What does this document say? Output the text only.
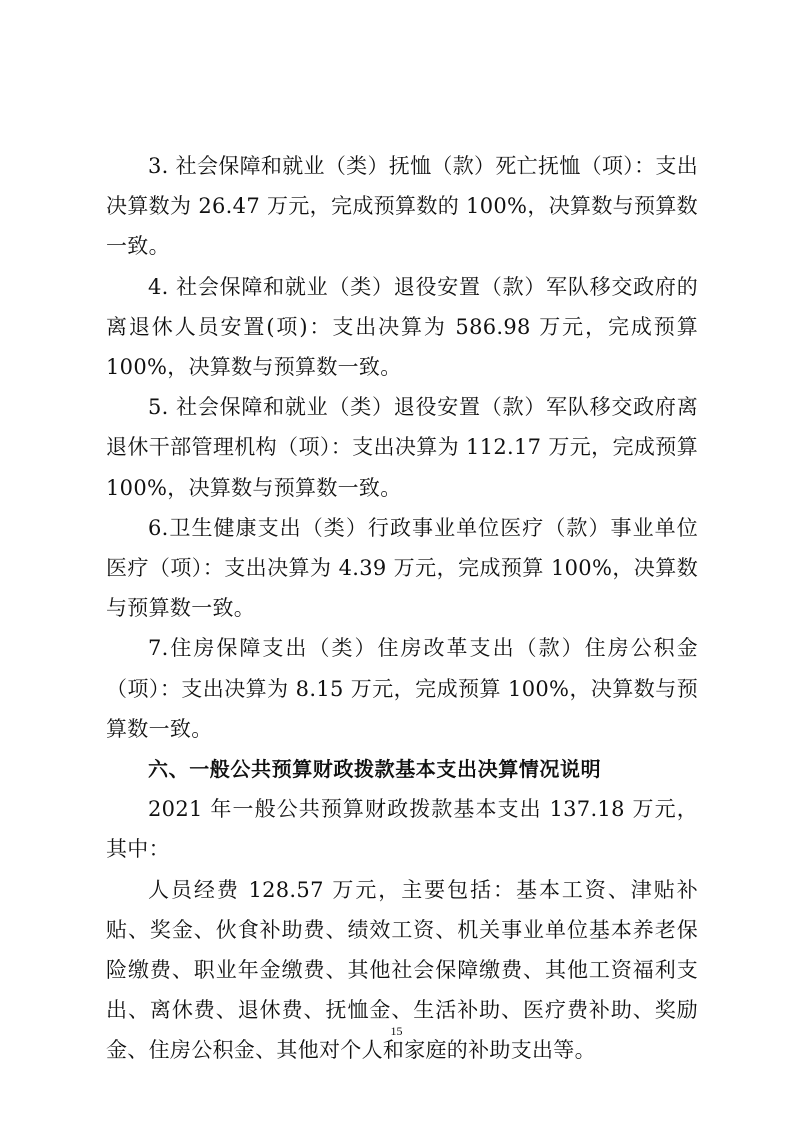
3. 社会保障和就业（类）抚恤（款）死亡抚恤（项）：支出决算数为 26.47 万元，完成预算数的 100%，决算数与预算数一致。

4. 社会保障和就业（类）退役安置（款）军队移交政府的离退休人员安置(项)：支出决算为 586.98 万元，完成预算 100%，决算数与预算数一致。

5. 社会保障和就业（类）退役安置（款）军队移交政府离退休干部管理机构（项）：支出决算为 112.17 万元，完成预算 100%，决算数与预算数一致。

6.卫生健康支出（类）行政事业单位医疗（款）事业单位医疗（项）：支出决算为 4.39 万元，完成预算 100%，决算数与预算数一致。

7.住房保障支出（类）住房改革支出（款）住房公积金（项）：支出决算为 8.15 万元，完成预算 100%，决算数与预算数一致。

六、一般公共预算财政拨款基本支出决算情况说明

2021 年一般公共预算财政拨款基本支出 137.18 万元，其中：

人员经费 128.57 万元，主要包括：基本工资、津贴补贴、奖金、伙食补助费、绩效工资、机关事业单位基本养老保险缴费、职业年金缴费、其他社会保障缴费、其他工资福利支出、离休费、退休费、抚恤金、生活补助、医疗费补助、奖励金、住房公积金、其他对个人和家庭的补助支出等。

15
